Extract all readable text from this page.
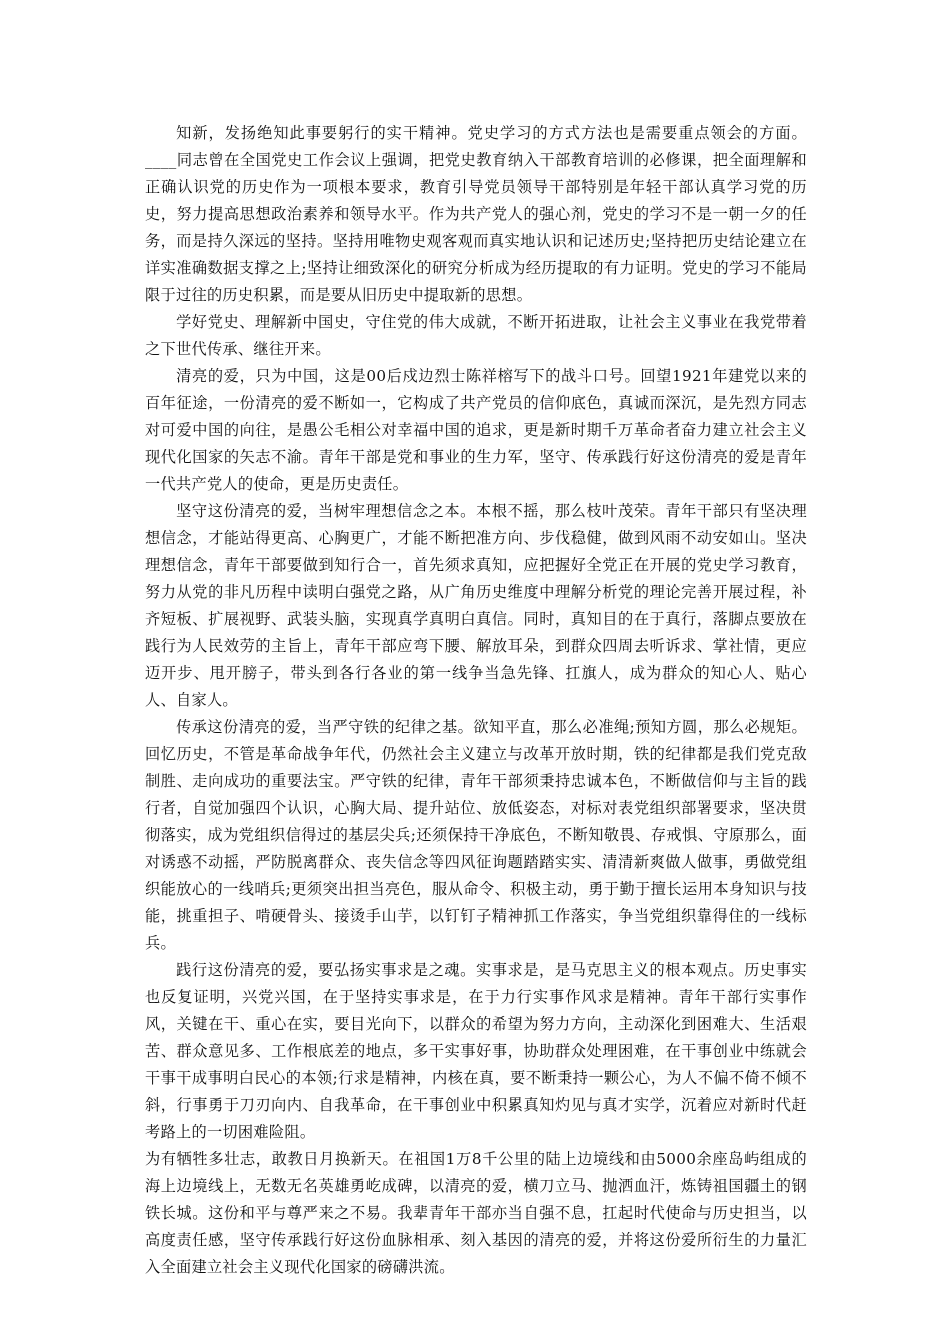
知新，发扬绝知此事要躬行的实干精神。党史学习的方式方法也是需要重点领会的方面。____同志曾在全国党史工作会议上强调，把党史教育纳入干部教育培训的必修课，把全面理解和正确认识党的历史作为一项根本要求，教育引导党员领导干部特别是年轻干部认真学习党的历史，努力提高思想政治素养和领导水平。作为共产党人的强心剂，党史的学习不是一朝一夕的任务，而是持久深远的坚持。坚持用唯物史观客观而真实地认识和记述历史;坚持把历史结论建立在详实准确数据支撑之上;坚持让细致深化的研究分析成为经历提取的有力证明。党史的学习不能局限于过往的历史积累，而是要从旧历史中提取新的思想。

学好党史、理解新中国史，守住党的伟大成就，不断开拓进取，让社会主义事业在我党带着之下世代传承、继往开来。

清亮的爱，只为中国，这是00后戍边烈士陈祥榕写下的战斗口号。回望1921年建党以来的百年征途，一份清亮的爱不断如一，它构成了共产党员的信仰底色，真诚而深沉，是先烈方同志对可爱中国的向往，是愚公毛相公对幸福中国的追求，更是新时期千万革命者奋力建立社会主义现代化国家的矢志不渝。青年干部是党和事业的生力军，坚守、传承践行好这份清亮的爱是青年一代共产党人的使命，更是历史责任。

坚守这份清亮的爱，当树牢理想信念之本。本根不摇，那么枝叶茂荣。青年干部只有坚决理想信念，才能站得更高、心胸更广，才能不断把准方向、步伐稳健，做到风雨不动安如山。坚决理想信念，青年干部要做到知行合一，首先须求真知，应把握好全党正在开展的党史学习教育，努力从党的非凡历程中读明白强党之路，从广角历史维度中理解分析党的理论完善开展过程，补齐短板、扩展视野、武装头脑，实现真学真明白真信。同时，真知目的在于真行，落脚点要放在践行为人民效劳的主旨上，青年干部应弯下腰、解放耳朵，到群众四周去听诉求、掌社情，更应迈开步、甩开膀子，带头到各行各业的第一线争当急先锋、扛旗人，成为群众的知心人、贴心人、自家人。

传承这份清亮的爱，当严守铁的纪律之基。欲知平直，那么必准绳;预知方圆，那么必规矩。回忆历史，不管是革命战争年代，仍然社会主义建立与改革开放时期，铁的纪律都是我们党克敌制胜、走向成功的重要法宝。严守铁的纪律，青年干部须秉持忠诚本色，不断做信仰与主旨的践行者，自觉加强四个认识，心胸大局、提升站位、放低姿态，对标对表党组织部署要求，坚决贯彻落实，成为党组织信得过的基层尖兵;还须保持干净底色，不断知敬畏、存戒惧、守原那么，面对诱惑不动摇，严防脱离群众、丧失信念等四风征询题踏踏实实、清清新爽做人做事，勇做党组织能放心的一线哨兵;更须突出担当亮色，服从命令、积极主动，勇于勤于擅长运用本身知识与技能，挑重担子、啃硬骨头、接烫手山芋，以钉钉子精神抓工作落实，争当党组织靠得住的一线标兵。

践行这份清亮的爱，要弘扬实事求是之魂。实事求是，是马克思主义的根本观点。历史事实也反复证明，兴党兴国，在于坚持实事求是，在于力行实事作风求是精神。青年干部行实事作风，关键在干、重心在实，要目光向下，以群众的希望为努力方向，主动深化到困难大、生活艰苦、群众意见多、工作根底差的地点，多干实事好事，协助群众处理困难，在干事创业中练就会干事干成事明白民心的本领;行求是精神，内核在真，要不断秉持一颗公心，为人不偏不倚不倾不斜，行事勇于刀刃向内、自我革命，在干事创业中积累真知灼见与真才实学，沉着应对新时代赶考路上的一切困难险阻。

为有牺牲多壮志，敢教日月换新天。在祖国1万8千公里的陆上边境线和由5000余座岛屿组成的海上边境线上，无数无名英雄勇屹成碑，以清亮的爱，横刀立马、抛洒血汗，炼铸祖国疆土的钢铁长城。这份和平与尊严来之不易。我辈青年干部亦当自强不息，扛起时代使命与历史担当，以高度责任感，坚守传承践行好这份血脉相承、刻入基因的清亮的爱，并将这份爱所衍生的力量汇入全面建立社会主义现代化国家的磅礴洪流。
